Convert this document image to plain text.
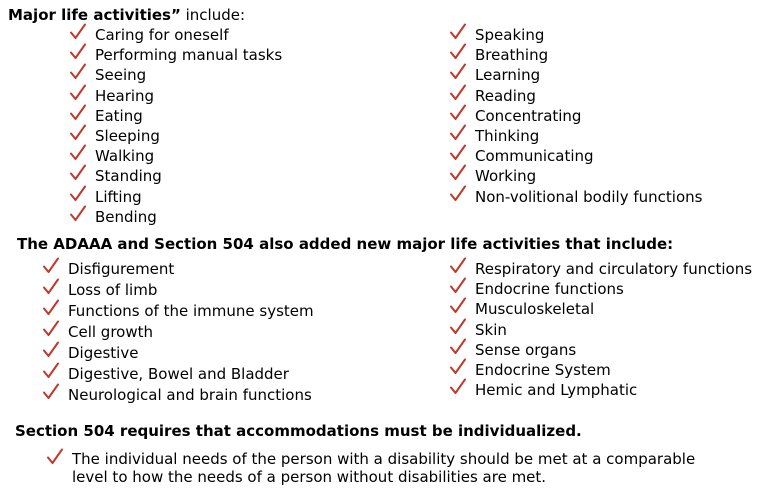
Major life activities” include:
Caring for oneself
Performing manual tasks
Seeing
Hearing
Eating
Sleeping
Walking
Standing
Lifting
Bending
Speaking
Breathing
Learning
Reading
Concentrating
Thinking
Communicating
Working
Non-volitional bodily functions
The ADAAA and Section 504 also added new major life activities that include:
Disfigurement
Loss of limb
Functions of the immune system
Cell growth
Digestive
Digestive, Bowel and Bladder
Neurological and brain functions
Respiratory and circulatory functions
Endocrine functions
Musculoskeletal
Skin
Sense organs
Endocrine System
Hemic and Lymphatic
Section 504 requires that accommodations must be individualized.
The individual needs of the person with a disability should be met at a comparable level to how the needs of a person without disabilities are met.
